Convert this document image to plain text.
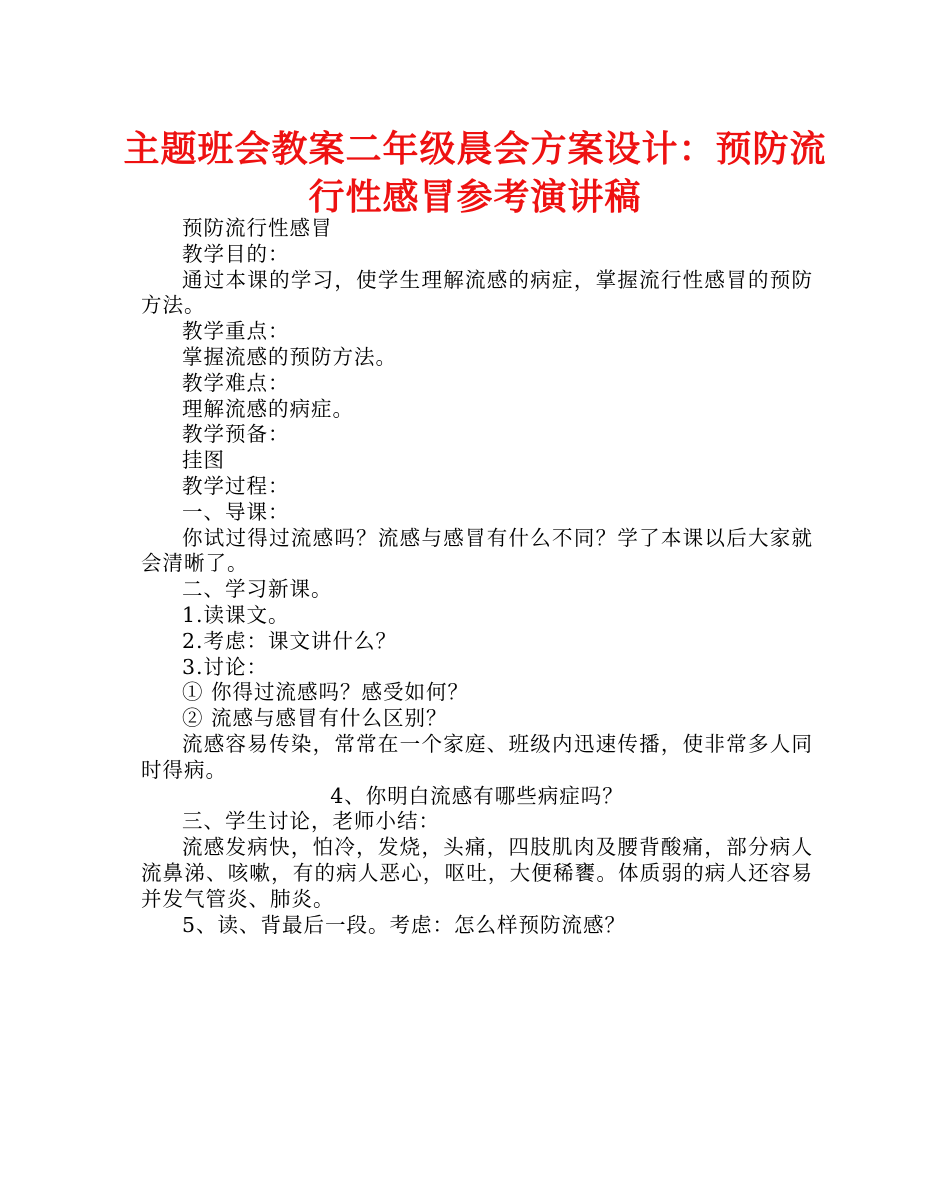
主题班会教案二年级晨会方案设计：预防流行性感冒参考演讲稿

预防流行性感冒

教学目的：

通过本课的学习，使学生理解流感的病症，掌握流行性感冒的预防方法。

教学重点：

掌握流感的预防方法。

教学难点：

理解流感的病症。

教学预备：

挂图

教学过程：

一、导课：

你试过得过流感吗？流感与感冒有什么不同？学了本课以后大家就会清晰了。

二、学习新课。

1.读课文。

2.考虑：课文讲什么？

3.讨论：

① 你得过流感吗？感受如何？

② 流感与感冒有什么区别？

流感容易传染，常常在一个家庭、班级内迅速传播，使非常多人同时得病。

4、你明白流感有哪些病症吗？

三、学生讨论，老师小结：

流感发病快，怕冷，发烧，头痛，四肢肌肉及腰背酸痛，部分病人流鼻涕、咳嗽，有的病人恶心，呕吐，大便稀饔。体质弱的病人还容易并发气管炎、肺炎。

5、读、背最后一段。考虑：怎么样预防流感？
